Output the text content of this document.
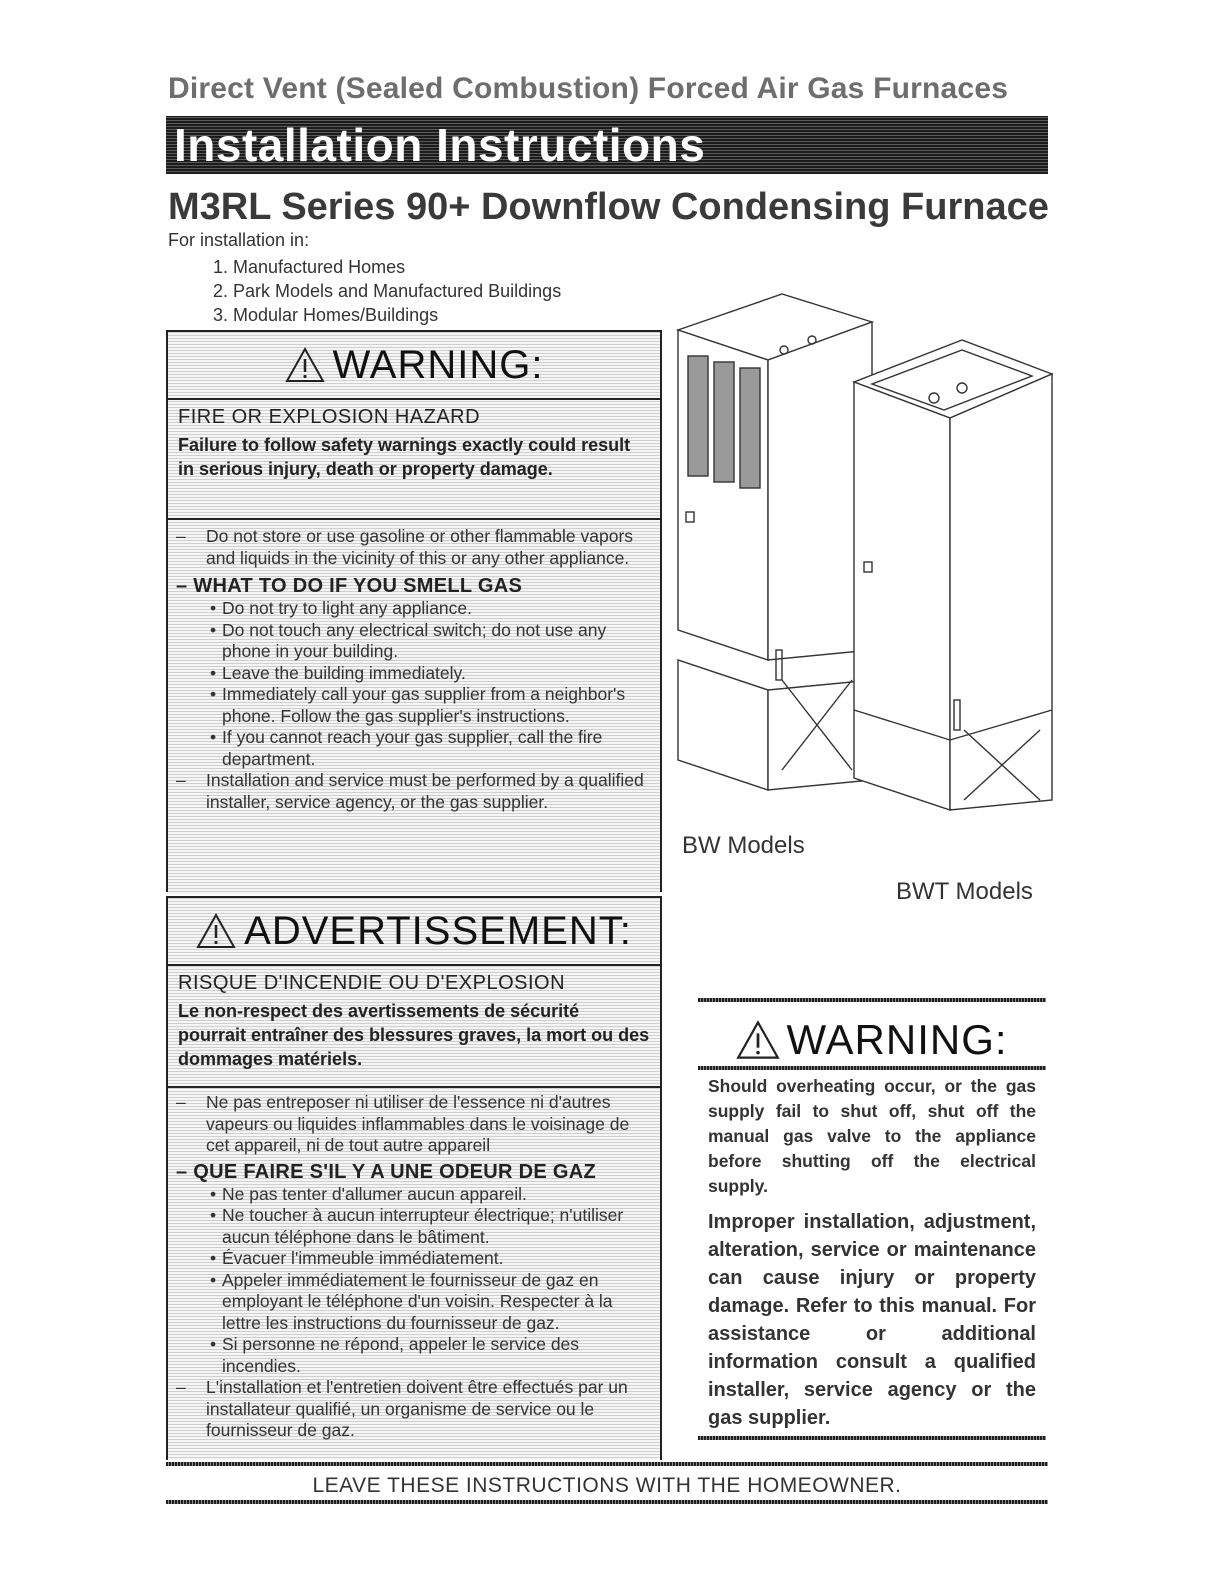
Direct Vent (Sealed Combustion) Forced Air Gas Furnaces
Installation Instructions
M3RL Series 90+ Downflow Condensing Furnace
For installation in:
1. Manufactured Homes
2. Park Models and Manufactured Buildings
3. Modular Homes/Buildings
WARNING:
FIRE OR EXPLOSION HAZARD
Failure to follow safety warnings exactly could result in serious injury, death or property damage.
– Do not store or use gasoline or other flammable vapors and liquids in the vicinity of this or any other appliance.
– WHAT TO DO IF YOU SMELL GAS
• Do not try to light any appliance.
• Do not touch any electrical switch; do not use any phone in your building.
• Leave the building immediately.
• Immediately call your gas supplier from a neighbor's phone. Follow the gas supplier's instructions.
• If you cannot reach your gas supplier, call the fire department.
– Installation and service must be performed by a qualified installer, service agency, or the gas supplier.
ADVERTISSEMENT:
RISQUE D'INCENDIE OU D'EXPLOSION
Le non-respect des avertissements de sécurité pourrait entraîner des blessures graves, la mort ou des dommages matériels.
– Ne pas entreposer ni utiliser de l'essence ni d'autres vapeurs ou liquides inflammables dans le voisinage de cet appareil, ni de tout autre appareil
– QUE FAIRE S'IL Y A UNE ODEUR DE GAZ
• Ne pas tenter d'allumer aucun appareil.
• Ne toucher à aucun interrupteur électrique; n'utiliser aucun téléphone dans le bâtiment.
• Évacuer l'immeuble immédiatement.
• Appeler immédiatement le fournisseur de gaz en employant le téléphone d'un voisin. Respecter à la lettre les instructions du fournisseur de gaz.
• Si personne ne répond, appeler le service des incendies.
– L'installation et l'entretien doivent être effectués par un installateur qualifié, un organisme de service ou le fournisseur de gaz.
BW Models
BWT Models
WARNING:
Should overheating occur, or the gas supply fail to shut off, shut off the manual gas valve to the appliance before shutting off the electrical supply.
Improper installation, adjustment, alteration, service or maintenance can cause injury or property damage. Refer to this manual. For assistance or additional information consult a qualified installer, service agency or the gas supplier.
LEAVE THESE INSTRUCTIONS WITH THE HOMEOWNER.
